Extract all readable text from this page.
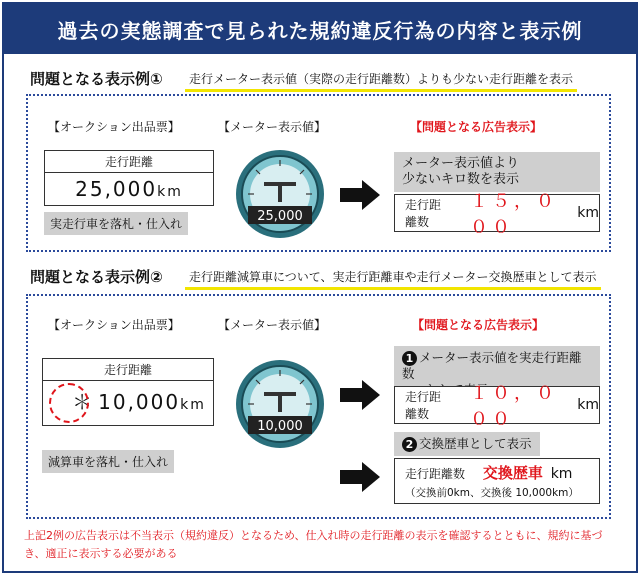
過去の実態調査で見られた規約違反行為の内容と表示例
問題となる表示例①	走行メーター表示値（実際の走行距離数）よりも少ない走行距離を表示
【オークション出品票】	【メーター表示値】	【問題となる広告表示】
走行距離
25,000km
実走行車を落札・仕入れ	25,000
メーター表示値より
少ないキロ数を表示
走行距離数
１５，０００
km
問題となる表示例②	走行距離減算車について、実走行距離車や走行メーター交換歴車として表示
【オークション出品票】	【メーター表示値】	【問題となる広告表示】
走行距離
＊ 10,000km
減算車を落札・仕入れ
10,000
1 メーター表示値を実走行距離数
走行距離数
１０，０００
km
2 交換歴車として表示
走行距離数 交換歴車 km
（交換前0km、交換後 10,000km）
上記2例の広告表示は不当表示（規約違反）となるため、仕入れ時の走行距離の表示を確認するとともに、規約に基づき、適正に表示する必要がある
